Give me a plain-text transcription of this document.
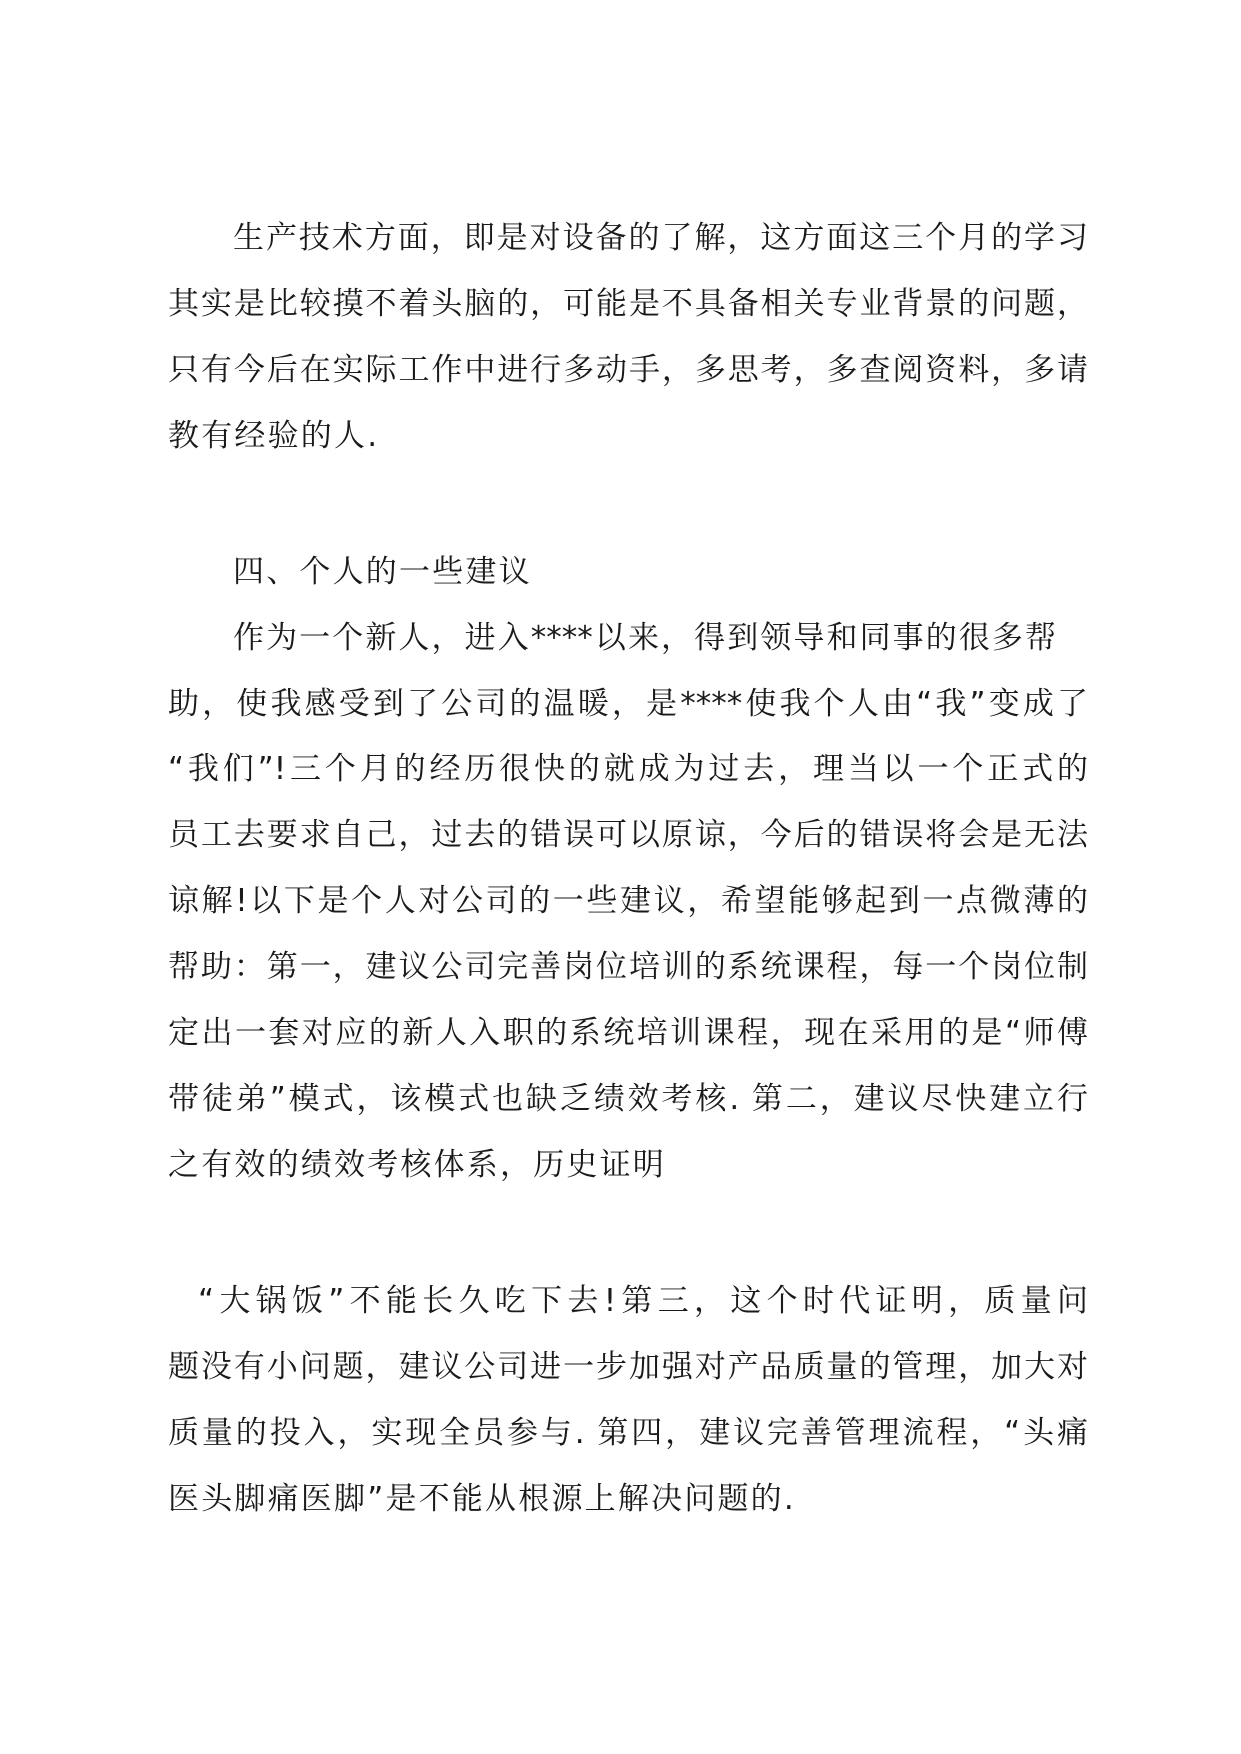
生产技术方面，即是对设备的了解，这方面这三个月的学习
其实是比较摸不着头脑的，可能是不具备相关专业背景的问题，
只有今后在实际工作中进行多动手，多思考，多查阅资料，多请
教有经验的人.
四、个人的一些建议
作为一个新人，进入****以来，得到领导和同事的很多帮
助，使我感受到了公司的温暖，是****使我个人由“我”变成了
“我们”!三个月的经历很快的就成为过去，理当以一个正式的
员工去要求自己，过去的错误可以原谅，今后的错误将会是无法
谅解!以下是个人对公司的一些建议，希望能够起到一点微薄的
帮助：第一，建议公司完善岗位培训的系统课程，每一个岗位制
定出一套对应的新人入职的系统培训课程，现在采用的是“师傅
带徒弟”模式，该模式也缺乏绩效考核. 第二，建议尽快建立行
之有效的绩效考核体系，历史证明
“大锅饭”不能长久吃下去!第三，这个时代证明，质量问
题没有小问题，建议公司进一步加强对产品质量的管理，加大对
质量的投入，实现全员参与. 第四，建议完善管理流程，“头痛
医头脚痛医脚”是不能从根源上解决问题的.
